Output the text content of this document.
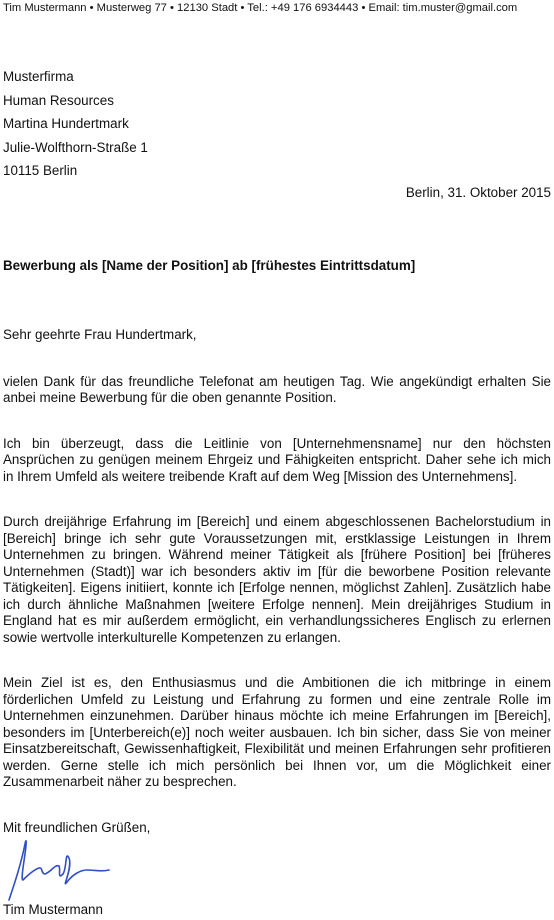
Tim Mustermann • Musterweg 77 • 12130 Stadt • Tel.: +49 176 6934443 • Email: tim.muster@gmail.com
Musterfirma
Human Resources
Martina Hundertmark
Julie-Wolfthorn-Straße 1
10115 Berlin
Berlin, 31. Oktober 2015
Bewerbung als [Name der Position] ab [frühestes Eintrittsdatum]

Sehr geehrte Frau Hundertmark,

vielen Dank für das freundliche Telefonat am heutigen Tag. Wie angekündigt erhalten Sie anbei meine Bewerbung für die oben genannte Position.

Ich bin überzeugt, dass die Leitlinie von [Unternehmensname] nur den höchsten Ansprüchen zu genügen meinem Ehrgeiz und Fähigkeiten entspricht. Daher sehe ich mich in Ihrem Umfeld als weitere treibende Kraft auf dem Weg [Mission des Unternehmens].

Durch dreijährige Erfahrung im [Bereich] und einem abgeschlossenen Bachelorstudium in [Bereich] bringe ich sehr gute Voraussetzungen mit, erstklassige Leistungen in Ihrem Unternehmen zu bringen. Während meiner Tätigkeit als [frühere Position] bei [früheres Unternehmen (Stadt)] war ich besonders aktiv im [für die beworbene Position relevante Tätigkeiten]. Eigens initiiert, konnte ich [Erfolge nennen, möglichst Zahlen]. Zusätzlich habe ich durch ähnliche Maßnahmen [weitere Erfolge nennen]. Mein dreijähriges Studium in England hat es mir außerdem ermöglicht, ein verhandlungssicheres Englisch zu erlernen sowie wertvolle interkulturelle Kompetenzen zu erlangen.

Mein Ziel ist es, den Enthusiasmus und die Ambitionen die ich mitbringe in einem förderlichen Umfeld zu Leistung und Erfahrung zu formen und eine zentrale Rolle im Unternehmen einzunehmen. Darüber hinaus möchte ich meine Erfahrungen im [Bereich], besonders im [Unterbereich(e)] noch weiter ausbauen. Ich bin sicher, dass Sie von meiner Einsatzbereitschaft, Gewissenhaftigkeit, Flexibilität und meinen Erfahrungen sehr profitieren werden. Gerne stelle ich mich persönlich bei Ihnen vor, um die Möglichkeit einer Zusammenarbeit näher zu besprechen.

Mit freundlichen Grüßen,

Tim Mustermann
